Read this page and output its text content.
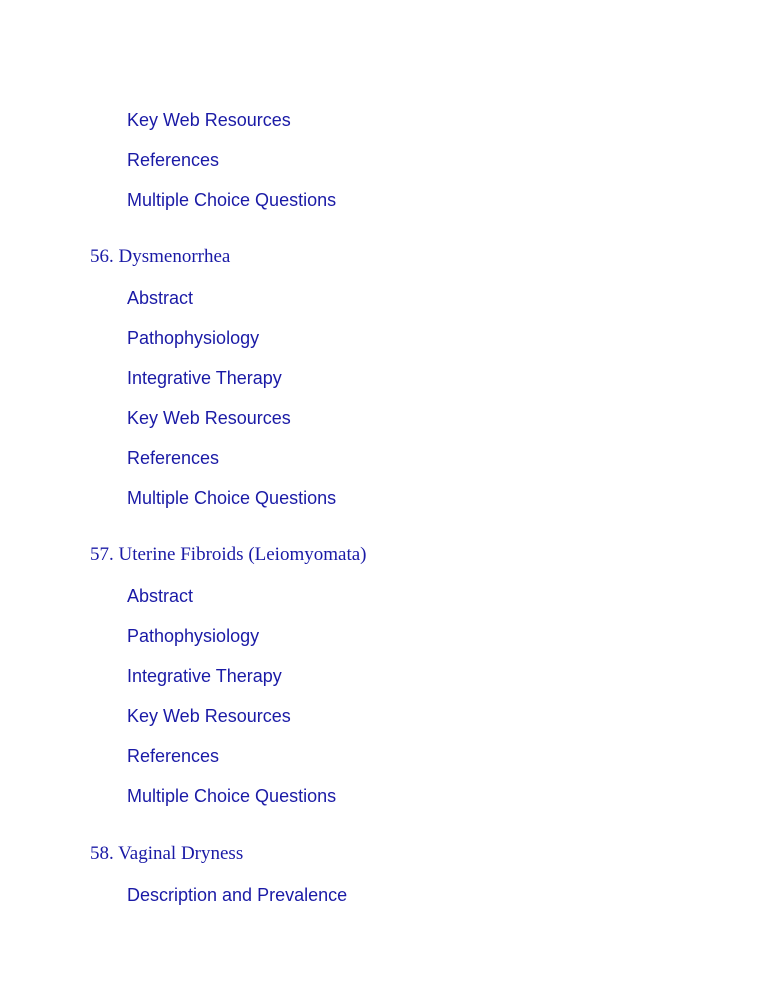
Key Web Resources
References
Multiple Choice Questions
56. Dysmenorrhea
Abstract
Pathophysiology
Integrative Therapy
Key Web Resources
References
Multiple Choice Questions
57. Uterine Fibroids (Leiomyomata)
Abstract
Pathophysiology
Integrative Therapy
Key Web Resources
References
Multiple Choice Questions
58. Vaginal Dryness
Description and Prevalence
